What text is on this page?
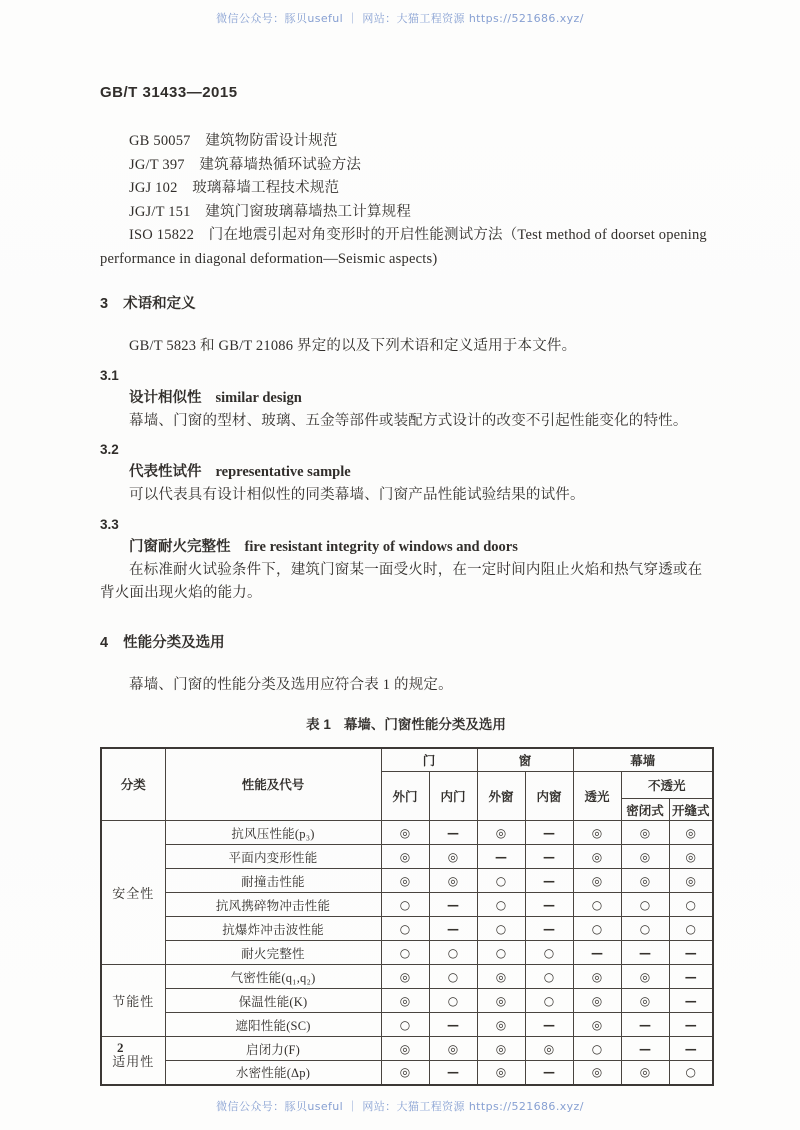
微信公众号：豚贝useful ｜ 网站：大猫工程资源 https://521686.xyz/

GB/T 31433—2015

GB 50057　建筑物防雷设计规范

JG/T 397　建筑幕墙热循环试验方法

JGJ 102　玻璃幕墙工程技术规范

JGJ/T 151　建筑门窗玻璃幕墙热工计算规程

ISO 15822　门在地震引起对角变形时的开启性能测试方法（Test method of doorset opening performance in diagonal deformation—Seismic aspects)

3 术语和定义

GB/T 5823 和 GB/T 21086 界定的以及下列术语和定义适用于本文件。

3.1

设计相似性 similar design

幕墙、门窗的型材、玻璃、五金等部件或装配方式设计的改变不引起性能变化的特性。

3.2

代表性试件 representative sample

可以代表具有设计相似性的同类幕墙、门窗产品性能试验结果的试件。

3.3

门窗耐火完整性 fire resistant integrity of windows and doors

在标准耐火试验条件下，建筑门窗某一面受火时，在一定时间内阻止火焰和热气穿透或在背火面出现火焰的能力。

4 性能分类及选用

幕墙、门窗的性能分类及选用应符合表 1 的规定。

表 1 幕墙、门窗性能分类及选用

分类	性能及代号	门		窗		幕墙		
		外门	内门	外窗	内窗	透光	不透光	
							密闭式	开缝式
安全性	抗风压性能(p₃)	◎	—	◎	—	◎	◎	◎
	平面内变形性能	◎	◎	—	—	◎	◎	◎
	耐撞击性能	◎	◎	○	—	◎	◎	◎
	抗风携碎物冲击性能	○	—	○	—	○	○	○
	抗爆炸冲击波性能	○	—	○	—	○	○	○
	耐火完整性	○	○	○	○	—	—	—
节能性	气密性能(q₁,q₂)	◎	○	◎	○	◎	◎	—
	保温性能(K)	◎	○	◎	○	◎	◎	—
	遮阳性能(SC)	○	—	◎	—	◎	—	—
适用性	启闭力(F)	◎	◎	◎	◎	○	—	—
	水密性能(Δp)	◎	—	◎	—	◎	◎	○
2
微信公众号：豚贝useful ｜ 网站：大猫工程资源 https://521686.xyz/
